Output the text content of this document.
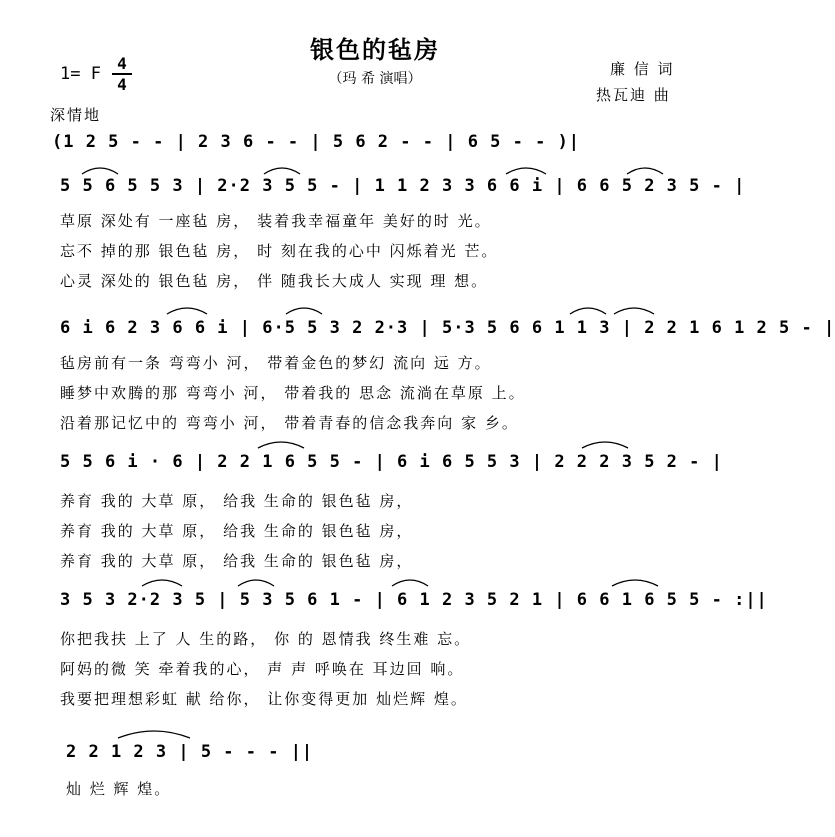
银色的毡房
（玛 希 演唱）
1= F
4
4
廉 信 词
热瓦迪 曲
深情地
(1 2 5 - - | 2 3 6 - - | 5 6 2 - - | 6 5 - - )|
5 5 6 5 5 3 | 2·2 3 5 5 - | 1 1 2 3 3 6 6 i | 6 6 5 2 3 5 - |
草原 深处有 一座毡 房， 装着我幸福童年 美好的时 光。
忘不 掉的那 银色毡 房， 时 刻在我的心中 闪烁着光 芒。
心灵 深处的 银色毡 房， 伴 随我长大成人 实现 理 想。
6 i 6 2 3 6 6 i | 6·5 5 3 2 2·3 | 5·3 5 6 6 1 1 3 | 2 2 1 6 1 2 5 - |
毡房前有一条 弯弯小 河， 带着金色的梦幻 流向 远 方。
睡梦中欢腾的那 弯弯小 河， 带着我的 思念 流淌在草原 上。
沿着那记忆中的 弯弯小 河， 带着青春的信念我奔向 家 乡。
5 5 6 i · 6 | 2 2 1 6 5 5 - | 6 i 6 5 5 3 | 2 2 2 3 5 2 - |
养育 我的 大草 原， 给我 生命的 银色毡 房，
养育 我的 大草 原， 给我 生命的 银色毡 房，
养育 我的 大草 原， 给我 生命的 银色毡 房，
3 5 3 2·2 3 5 | 5 3 5 6 1 - | 6 1 2 3 5 2 1 | 6 6 1 6 5 5 - :||
你把我扶 上了 人 生的路， 你 的 恩情我 终生难 忘。
阿妈的微 笑 牵着我的心， 声 声 呼唤在 耳边回 响。
我要把理想彩虹 献 给你， 让你变得更加 灿烂辉 煌。
2 2 1 2 3 | 5 - - - ||
灿 烂 辉 煌。
